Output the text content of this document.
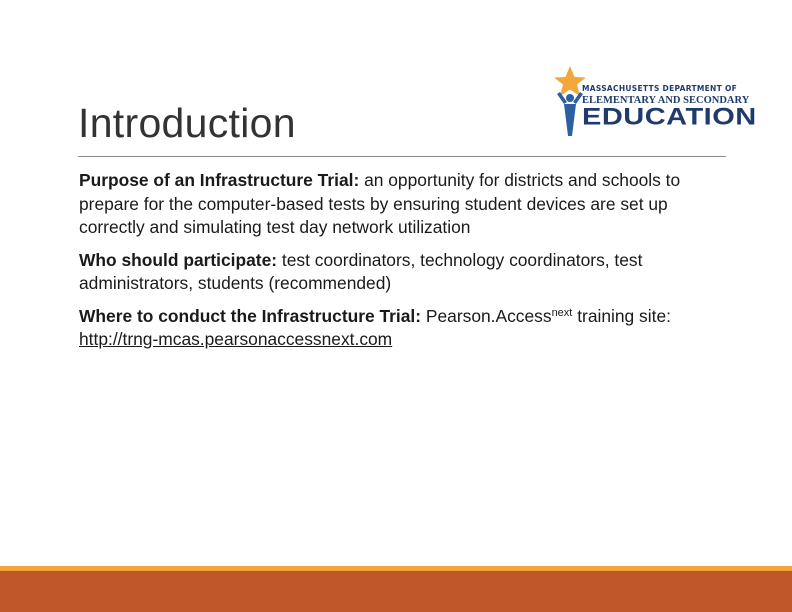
Introduction
MASSACHUSETTS DEPARTMENT OF
ELEMENTARY AND SECONDARY
EDUCATION

Purpose of an Infrastructure Trial: an opportunity for districts and schools to prepare for the computer-based tests by ensuring student devices are set up correctly and simulating test day network utilization

Who should participate: test coordinators, technology coordinators, test administrators, students (recommended)

Where to conduct the Infrastructure Trial: Pearson.Access$^{next}$ training site: http://trng-mcas.pearsonaccessnext.com
